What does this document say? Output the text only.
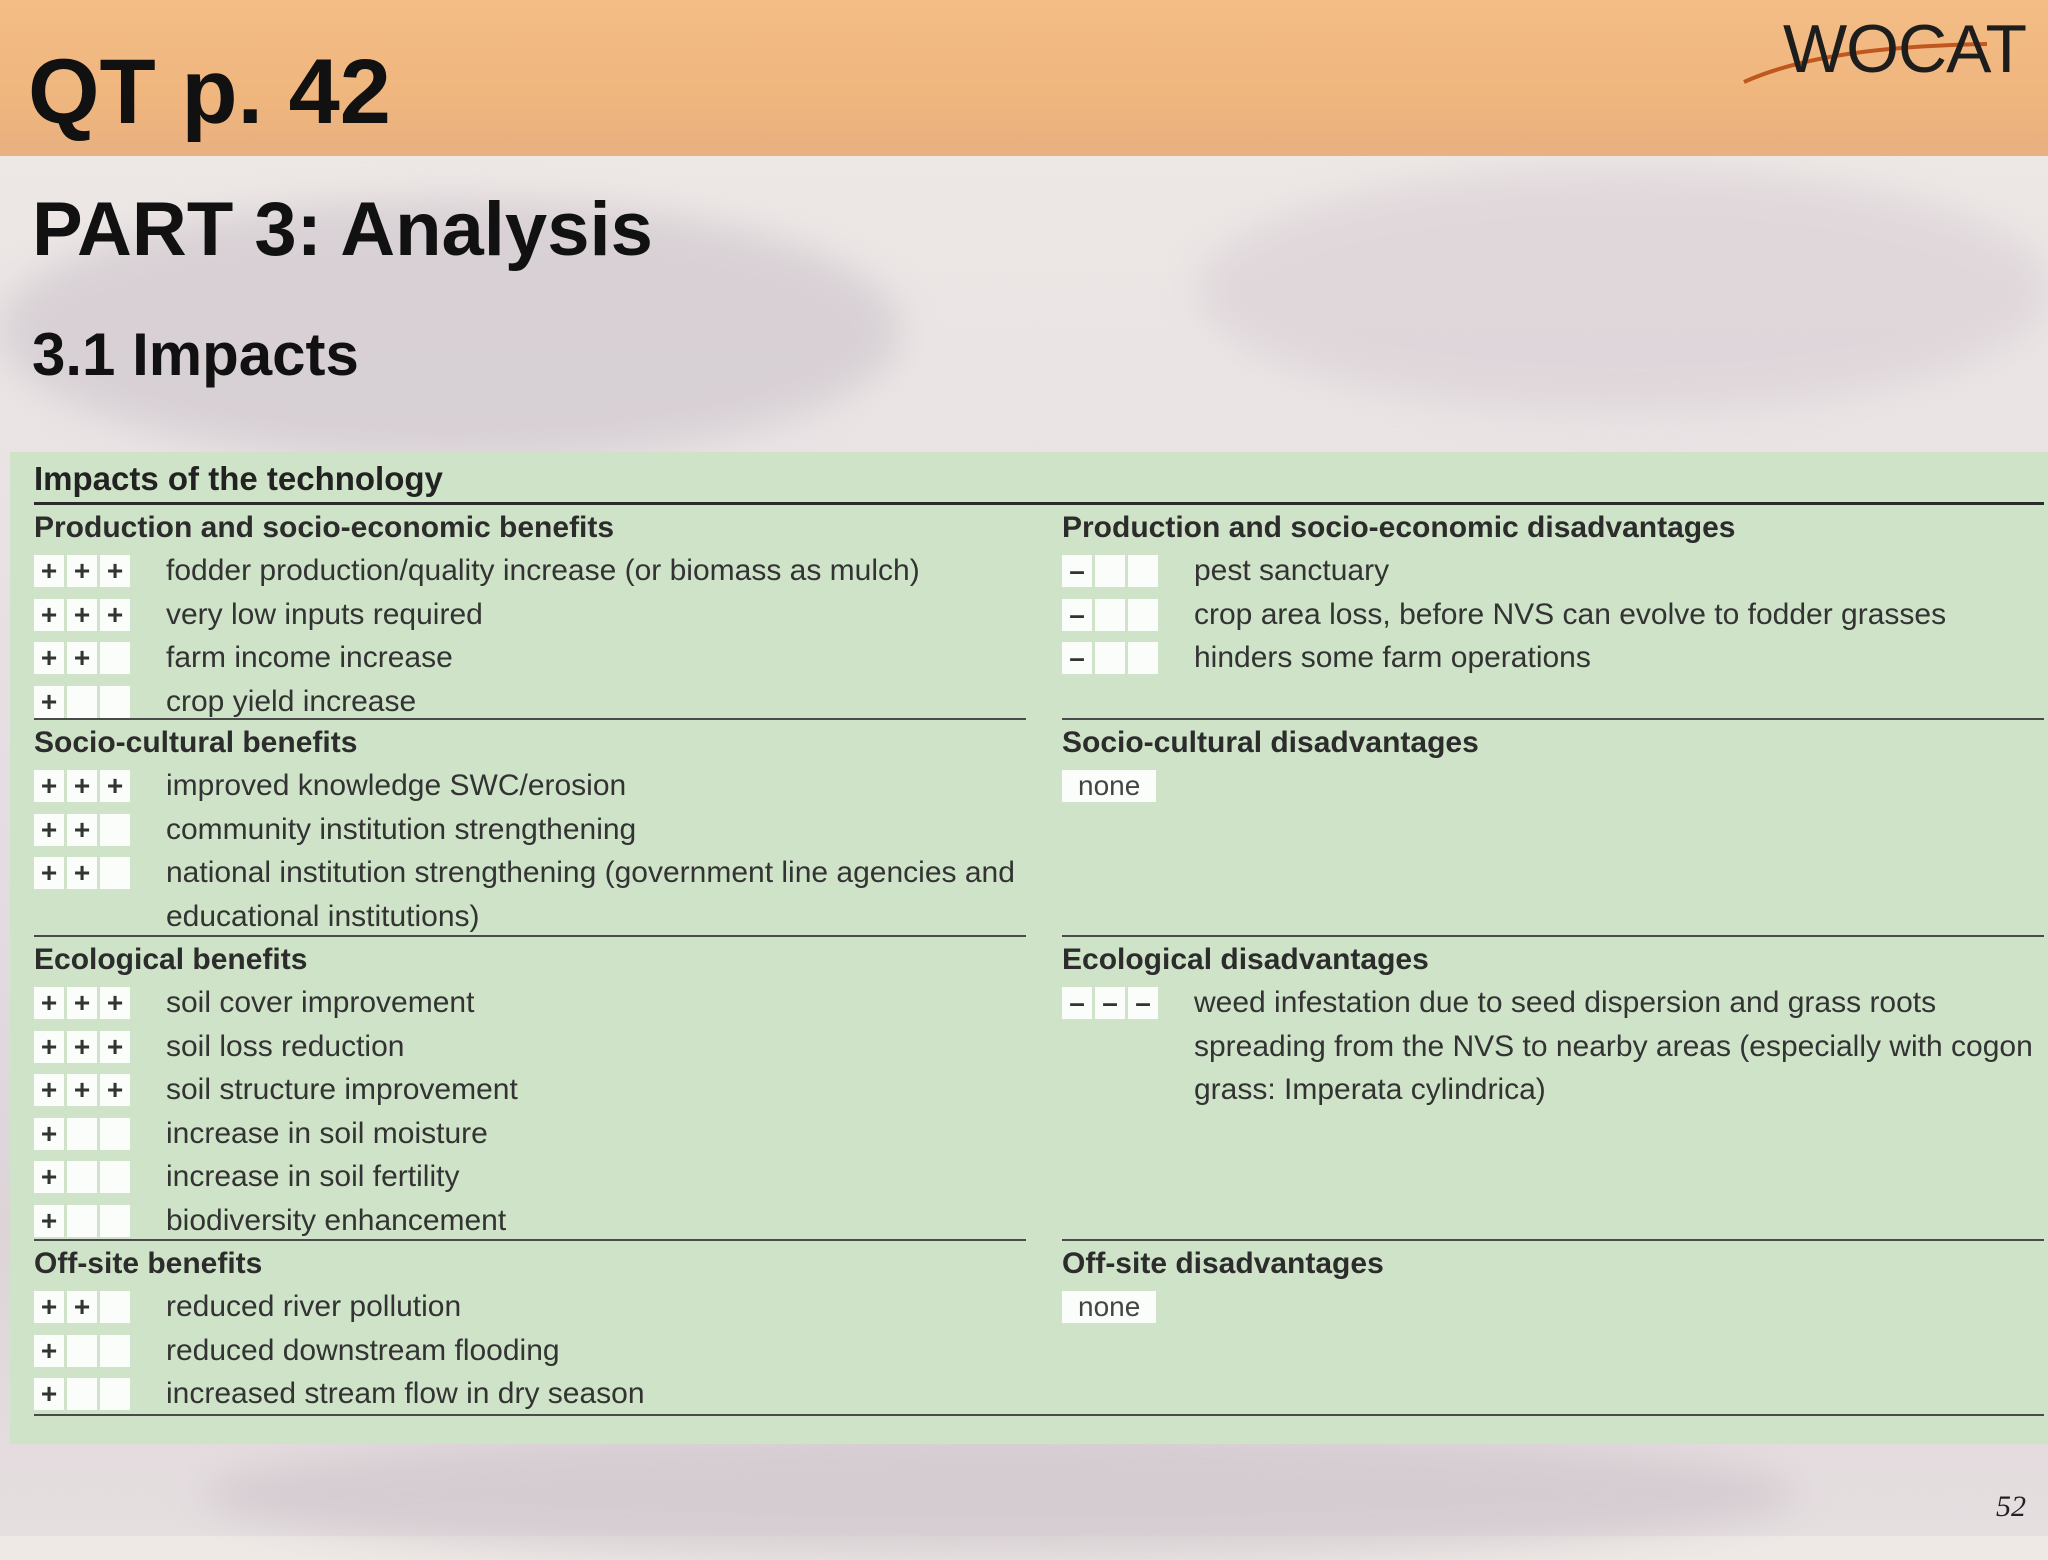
QT p. 42	WOCAT
PART 3: Analysis
3.1 Impacts
Impacts of the technology
Production and socio-economic benefits
+ + + fodder production/quality increase (or biomass as mulch)
+ + + very low inputs required
+ +	farm income increase
+	crop yield increase
Socio-cultural benefits
+ + + improved knowledge SWC/erosion
+ +	community institution strengthening
+ +	national institution strengthening (government line agencies and
educational institutions)
Ecological benefits
+ + + soil cover improvement
+ + + soil loss reduction
+ + + soil structure improvement
+	increase in soil moisture
+	increase in soil fertility
+	biodiversity enhancement
Off-site benefits
+ +	reduced river pollution
+	reduced downstream flooding
+	increased stream flow in dry season
Production and socio-economic disadvantages
–	pest sanctuary
–	crop area loss, before NVS can evolve to fodder grasses
–	hinders some farm operations
Socio-cultural disadvantages
none
Ecological disadvantages
– – – weed infestation due to seed dispersion and grass roots
spreading from the NVS to nearby areas (especially with cogon
grass: Imperata cylindrica)
Off-site disadvantages
none
52
